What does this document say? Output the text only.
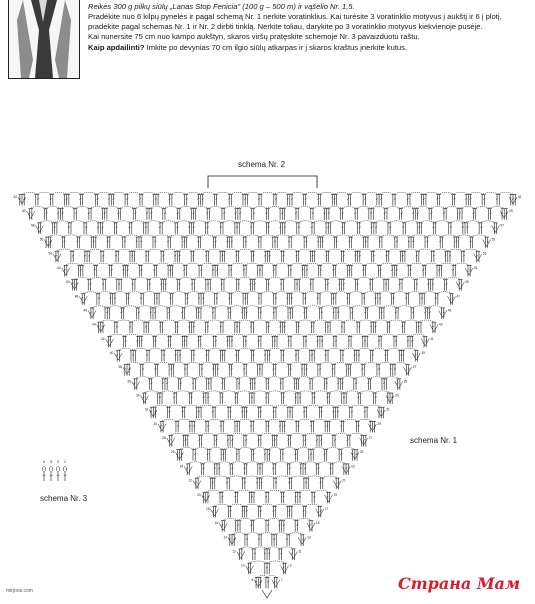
Reikės 300 g pilkų siūlų „Lanas Stop Fenicia" (100 g – 500 m) ir vąšelio Nr. 1,5.

Pradėkite nuo 6 kilpų pynelės ir pagal schemą Nr. 1 nerkite voratinklius. Kai turėsite 3 voratinklio motyvus į aukštį ir 6 į plotį, pradėkite pagal schemas Nr. 1 ir Nr. 2 dirbti tinklą. Nerkite toliau, darykite po 3 voratinklio motyvus kiekvienoje pusėje.

Kai nunersite 75 cm nuo kampo aukštyn, skaros viršų pratęskite schemoje Nr. 3 pavaizduotu raštu.

Kaip apdailinti? Imkite po devynias 70 cm ilgio siūlų atkarpas ir į skaros kraštus įnerkite kutus.

62	61
60	59
58	57
56	55
54	53
52	51
50	49
48	47
46	45
44	43
42	41
40	39
38	37
36	35
34	33
32	31
30	29
28	27
26	25
24	23
22	21
20	19
18	17
16	15
14	13
12	11
10	9
8	7
4 3 2 1
schema Nr. 2
schema Nr. 1
schema Nr. 3
mirjoos.com	Страна Мам
